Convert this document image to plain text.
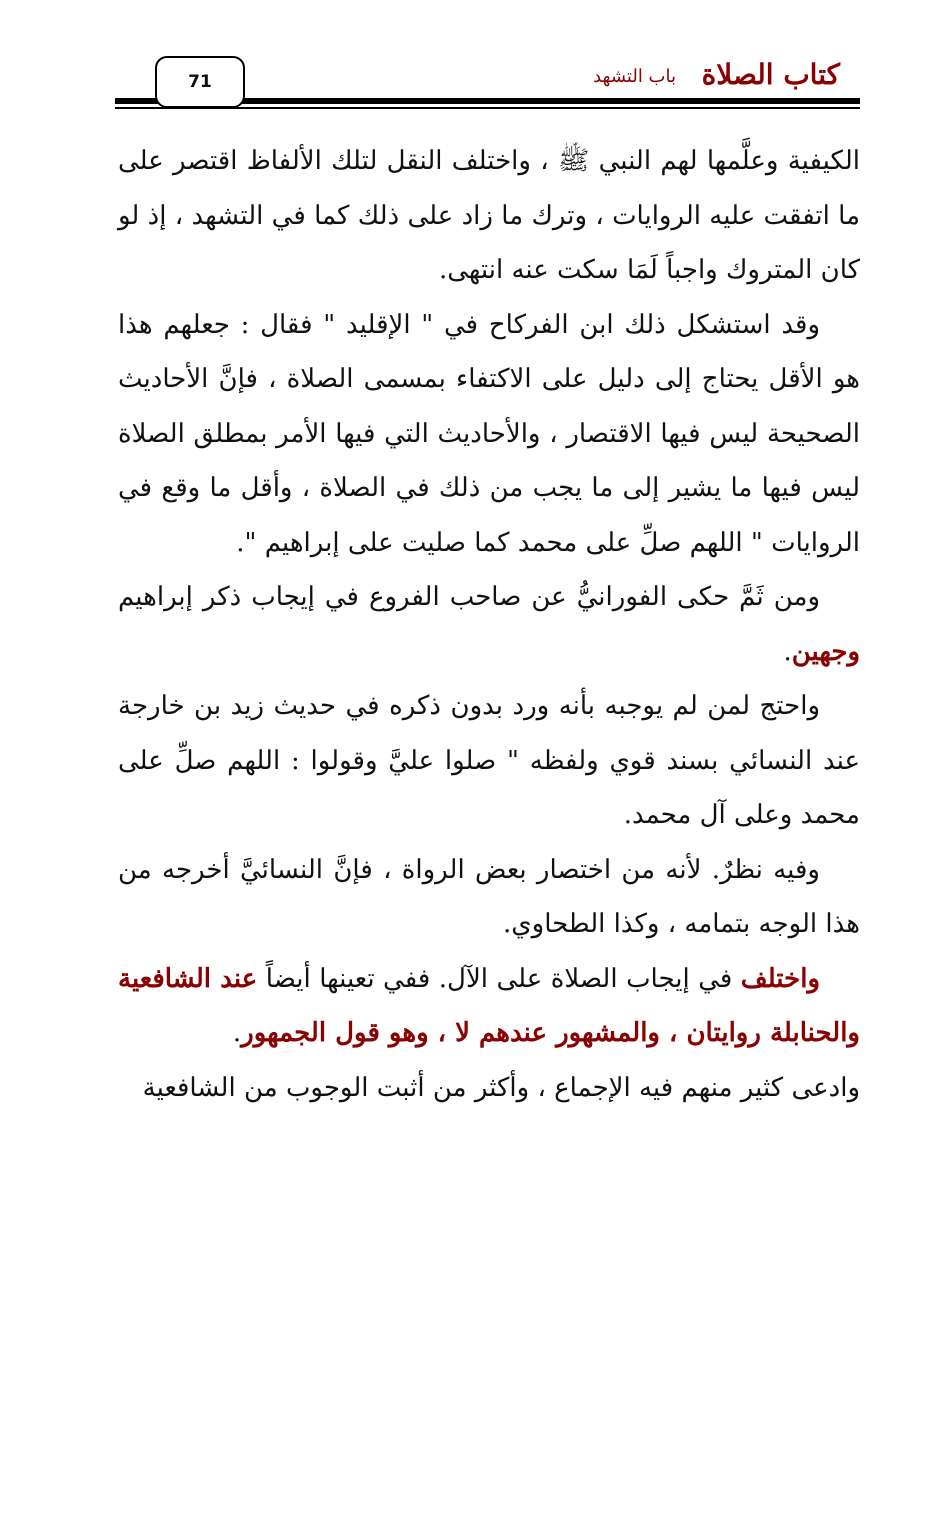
كتاب الصلاة
باب التشهد
71

الكيفية وعلَّمها لهم النبي ﷺ ، واختلف النقل لتلك الألفاظ اقتصر على ما اتفقت عليه الروايات ، وترك ما زاد على ذلك كما في التشهد ، إذ لو كان المتروك واجباً لَمَا سكت عنه انتهى.

وقد استشكل ذلك ابن الفركاح في " الإقليد " فقال : جعلهم هذا هو الأقل يحتاج إلى دليل على الاكتفاء بمسمى الصلاة ، فإنَّ الأحاديث الصحيحة ليس فيها الاقتصار ، والأحاديث التي فيها الأمر بمطلق الصلاة ليس فيها ما يشير إلى ما يجب من ذلك في الصلاة ، وأقل ما وقع في الروايات " اللهم صلِّ على محمد كما صليت على إبراهيم ".

ومن ثَمَّ حكى الفورانيُّ عن صاحب الفروع في إيجاب ذكر إبراهيم وجهين.

واحتج لمن لم يوجبه بأنه ورد بدون ذكره في حديث زيد بن خارجة عند النسائي بسند قوي ولفظه " صلوا عليَّ وقولوا : اللهم صلِّ على محمد وعلى آل محمد.

وفيه نظرٌ. لأنه من اختصار بعض الرواة ، فإنَّ النسائيَّ أخرجه من هذا الوجه بتمامه ، وكذا الطحاوي.

واختلف في إيجاب الصلاة على الآل. ففي تعينها أيضاً عند الشافعية والحنابلة روايتان ، والمشهور عندهم لا ، وهو قول الجمهور.

وادعى كثير منهم فيه الإجماع ، وأكثر من أثبت الوجوب من الشافعية
